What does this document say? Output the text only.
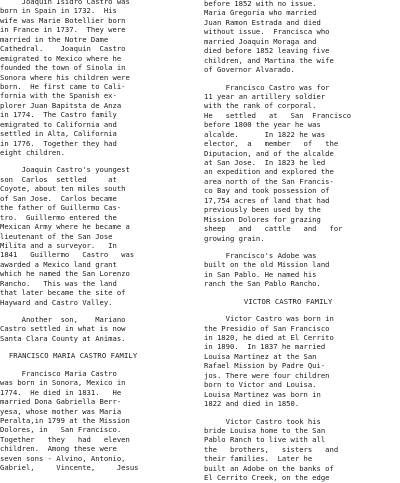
Joaquin Isidro Castro was
born in Spain in 1732.  His
wife was Marie Botellier born
in France in 1737.  They were
married in the Notre Dame
Cathedral.    Joaquin  Castro
emigrated to Mexico where he
founded the town of Sinola in
Sonora where his children were
born.  He first came to Cali-
fornia with the Spanish ex-
plorer Juan Bapitsta de Anza
in 1774.  The Castro family
emigrated to California and
settled in Alta, California
in 1776.  Together they had
eight children.
Joaquin Castro's youngest
son  Carlos  settled     at
Coyote, about ten miles south
of San Jose.  Carlos became
the father of Guillermo Cas-
tro.  Guillermo entered the
Mexican Army where he became a
lieutenant of the San Jose
Milita and a surveyor.   In
1841   Guillermo   Castro   was
awarded a Mexico land grant
which he named the San Lorenzo
Rancho.   This was the land
that later became the site of
Hayward and Castro Valley.
Another  son,    Mariano
Castro settled in what is now
Santa Clara County at Animas.
FRANCISCO MARIA CASTRO FAMILY
Francisco Maria Castro
was born in Sonora, Mexico in
1774.  He died in 1831.   He
married Dona Gabriella Berr-
yesa, whose mother was Maria
Peralta,in 1799 at the Mission
Dolores, in   San Francisco.
Together   they   had   eleven
children.  Among these were
seven sons - Alvino, Antonio,
Gabriel,     Vincente,     Jesus
before 1852 with no issue.
Maria Gregoria who married
Juan Ramon Estrada and died
without issue.  Francisca who
married Joaquin Moraga and
died before 1852 leaving five
children, and Martina the wife
of Governor Alvarado.
Francisco Castro was for
11 year an artillery soldier
with the rank of corporal.
He   settled   at   San  Francisco
before 1800 the year he was
alcalde.      In 1822 he was
elector,  a   member   of   the
Diputacion, and of the alcalde
at San Jose.  In 1823 he led
an expedition and explored the
area north of the San Francis-
co Bay and took possession of
17,754 acres of land that had
previously been used by the
Mission Dolores for grazing
sheep   and   cattle   and   for
growing grain.
Francisco's Adobe was
built on the old Mission land
in San Pablo. He named his
ranch the San Pablo Rancho.
VICTOR CASTRO FAMILY
Victor Castro was born in
the Presidio of San Francisco
in 1820, he died at El Cerrito
in 1890.  In 1837 he married
Louisa Martinez at the San
Rafael Mission by Padre Qui-
jos. There were four children
born to Victor and Louisa.
Louisa Martinez was born in
1822 and died in 1850.
Victor Castro took his
bride Louisa home to the San
Pablo Ranch to live with all
the   brothers,   sisters   and
their families.  Later he
built an Adobe on the banks of
El Cerrito Creek, on the edge
